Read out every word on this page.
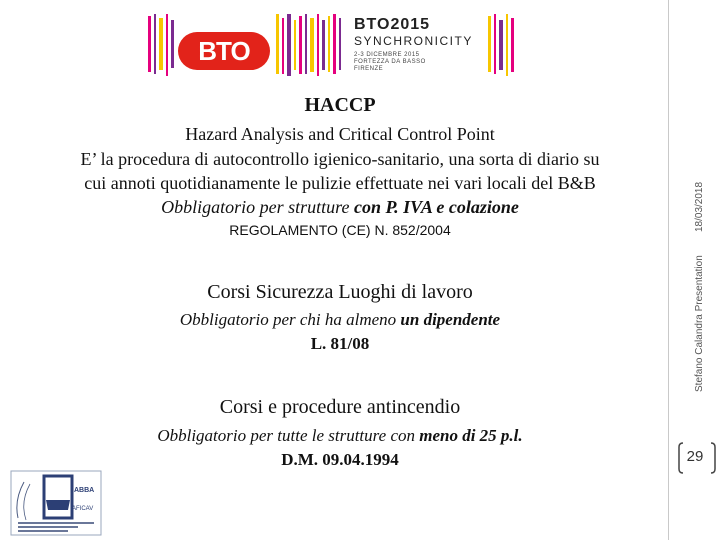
BTO
BTO2015
SYNCHRONICITY
2-3 DICEMBRE 2015
FORTEZZA DA BASSO
FIRENZE
HACCP
Hazard Analysis and Critical Control Point
E’ la procedura di autocontrollo igienico-sanitario, una sorta di diario su
cui annoti quotidianamente le pulizie effettuate nei vari locali del B&B
Obbligatorio per strutture con P. IVA e colazione
REGOLAMENTO (CE) N. 852/2004
Corsi Sicurezza Luoghi di lavoro
Obbligatorio per chi ha almeno un dipendente
L. 81/08
Corsi e procedure antincendio
Obbligatorio per tutte le strutture con meno di 25 p.l.
D.M. 09.04.1994
ABBA
AFICAV
18/03/2018
Stefano Calandra Presentation
29
